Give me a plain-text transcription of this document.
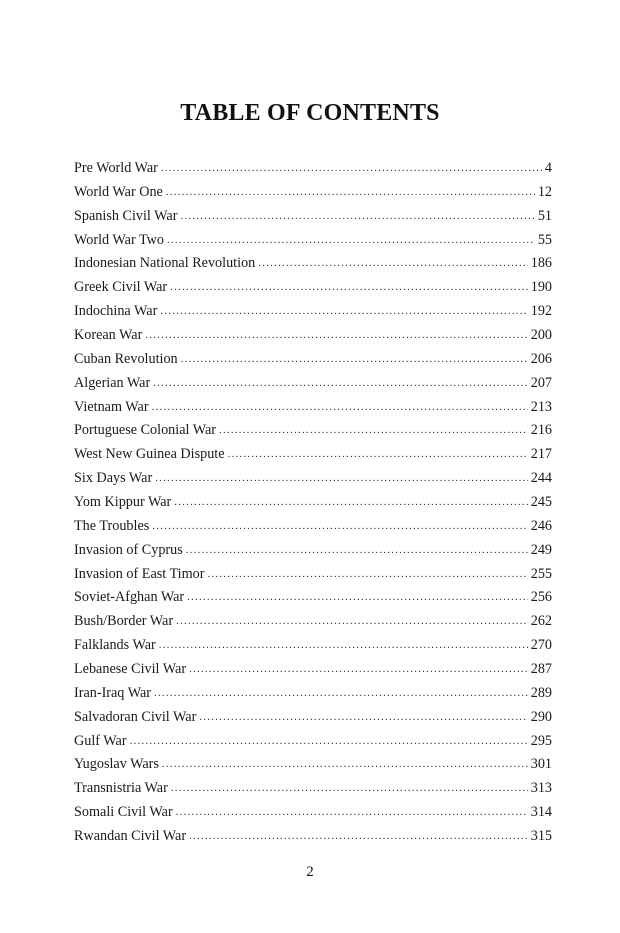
TABLE OF CONTENTS
Pre World War .....	4
World War One .....	12
Spanish Civil War .....	51
World War Two .....	55
Indonesian National Revolution .....	186
Greek Civil War .....	190
Indochina War .....	192
Korean War .....	200
Cuban Revolution .....	206
Algerian War .....	207
Vietnam War .....	213
Portuguese Colonial War .....	216
West New Guinea Dispute .....	217
Six Days War .....	244
Yom Kippur War .....	245
The Troubles .....	246
Invasion of Cyprus .....	249
Invasion of East Timor .....	255
Soviet-Afghan War .....	256
Bush/Border War .....	262
Falklands War .....	270
Lebanese Civil War .....	287
Iran-Iraq War .....	289
Salvadoran Civil War .....	290
Gulf War .....	295
Yugoslav Wars .....	301
Transnistria War .....	313
Somali Civil War .....	314
Rwandan Civil War .....	315
2
